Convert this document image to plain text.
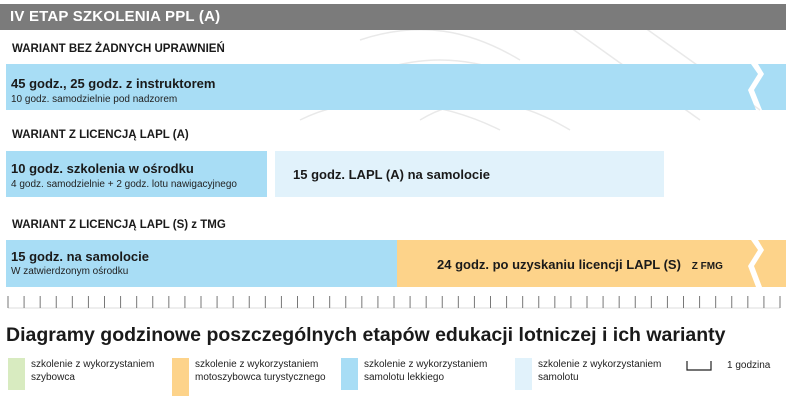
IV ETAP SZKOLENIA PPL (A)
WARIANT BEZ ŻADNYCH UPRAWNIEŃ
45 godz., 25 godz. z instruktorem
10 godz. samodzielnie pod nadzorem
WARIANT Z LICENCJĄ LAPL (A)
10 godz. szkolenia w ośrodku
4 godz. samodzielnie + 2 godz. lotu nawigacyjnego
15 godz. LAPL (A) na samolocie
WARIANT Z LICENCJĄ LAPL (S) z TMG
15 godz. na samolocie
W zatwierdzonym ośrodku	24 godz. po uzyskaniu licencji LAPL (S) Z FMG
Diagramy godzinowe poszczególnych etapów edukacji lotniczej i ich warianty
szkolenie z wykorzystaniem szybowca
szkolenie z wykorzystaniem motoszybowca turystycznego
szkolenie z wykorzystaniem samolotu lekkiego
szkolenie z wykorzystaniem samolotu
1 godzina
